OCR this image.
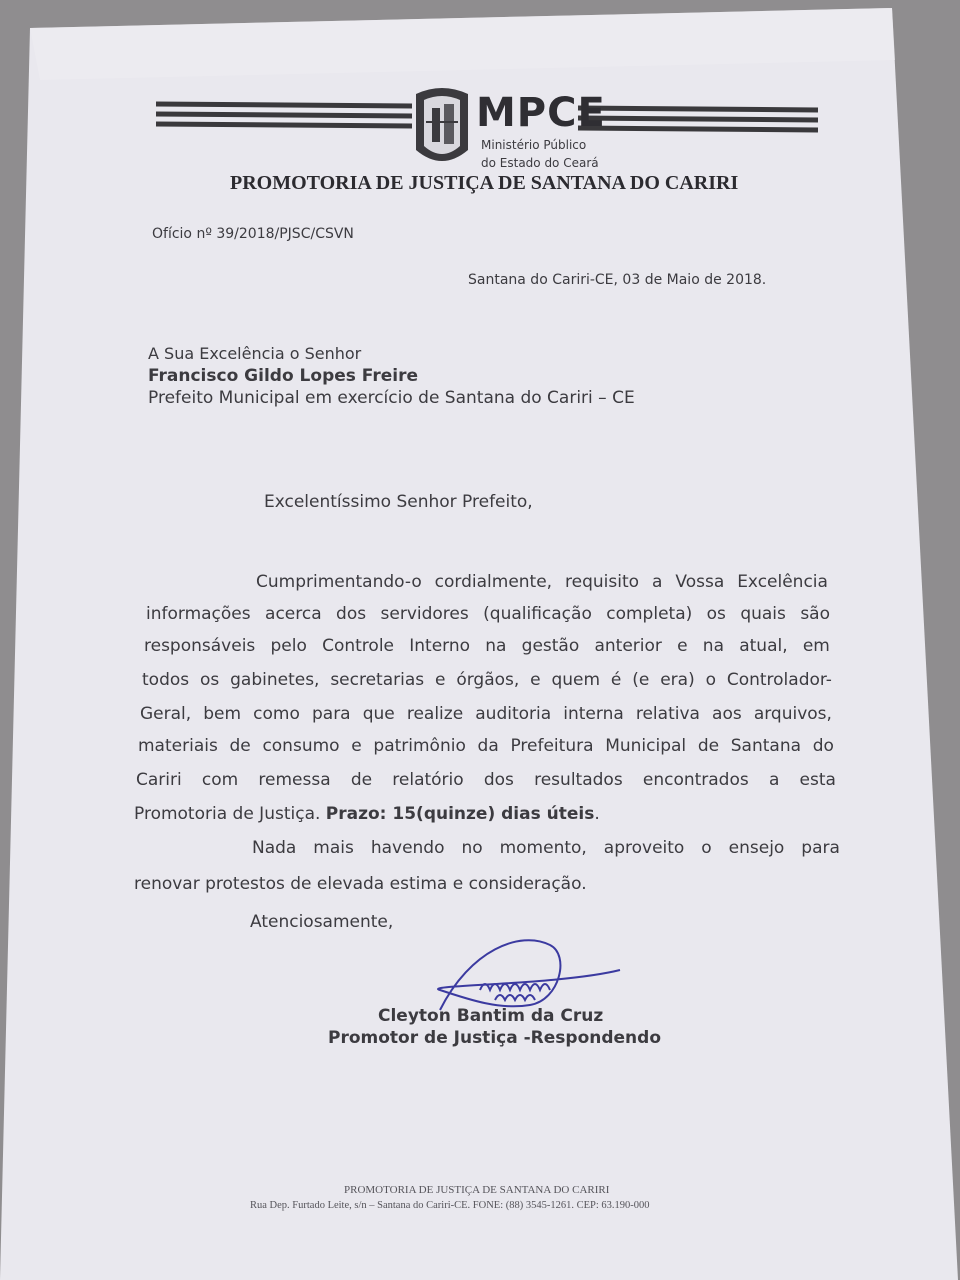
MPCE
Ministério Público
do Estado do Ceará
PROMOTORIA DE JUSTIÇA DE SANTANA DO CARIRI
Ofício nº 39/2018/PJSC/CSVN
Santana do Cariri-CE, 03 de Maio de 2018.
A Sua Excelência o Senhor
Francisco Gildo Lopes Freire
Prefeito Municipal em exercício de Santana do Cariri – CE
Excelentíssimo Senhor Prefeito,
Cumprimentando-o cordialmente, requisito a Vossa Excelência
informações acerca dos servidores (qualificação completa) os quais são
responsáveis pelo Controle Interno na gestão anterior e na atual, em
todos os gabinetes, secretarias e órgãos, e quem é (e era) o Controlador-
Geral, bem como para que realize auditoria interna relativa aos arquivos,
materiais de consumo e patrimônio da Prefeitura Municipal de Santana do
Cariri com remessa de relatório dos resultados encontrados a esta
Promotoria de Justiça. Prazo: 15(quinze) dias úteis.
Nada mais havendo no momento, aproveito o ensejo para
renovar protestos de elevada estima e consideração.
Atenciosamente,
Cleyton Bantim da Cruz
Promotor de Justiça -Respondendo
PROMOTORIA DE JUSTIÇA DE SANTANA DO CARIRI
Rua Dep. Furtado Leite, s/n – Santana do Cariri-CE. FONE: (88) 3545-1261. CEP: 63.190-000
